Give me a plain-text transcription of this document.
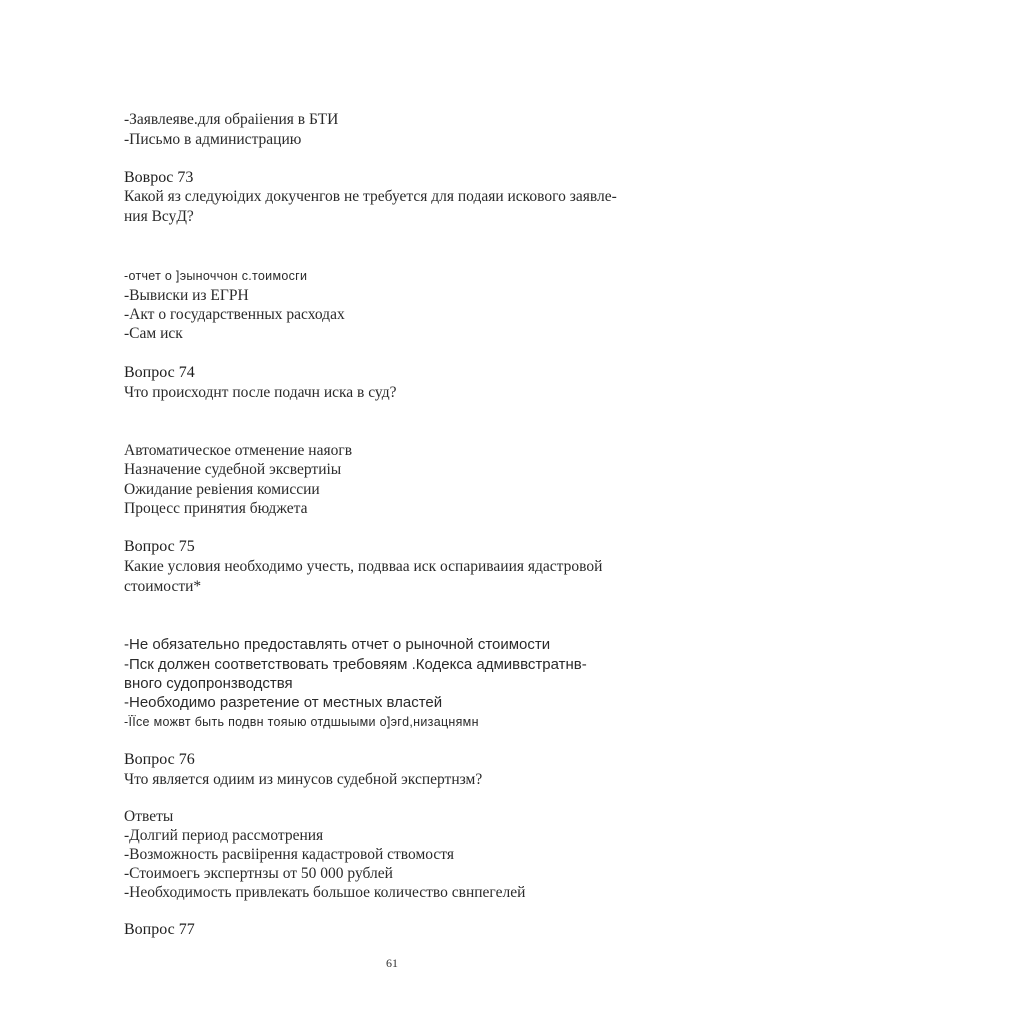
-Заявлеяве.для обраiiения в БТИ
-Письмо в администрацию
Вовpoc 73
Какой яз следуюiдих докученгов не требуется для подаяи искового заявле-
ния ВсуД?
-отчет о ]эыноччон с.тоимосги
-Вывиски из ЕГРН
-Акт о государственных расходах
-Сам иск
Вопрос 74
Что происходнт после подачн иска в суд?
Автоматическое отменение наяогв
Назначение судебной эксвертиiы
Ожидание ревiения комиссии
Процесс принятия бюджета
Вопрос 75
Какие условия необходимо учесть, подвваа иск оспариваиия ядастровой
стоимости*
-Не обязательно предоставлять отчет о рыночной стоимости
-Пск должен соответствовать требовяям .Кодекса адмиввстратнв-
вного судопронзводствя
-Необходимо разретение от местных властей
-ÏÏсе можвт быть подвн тояыю отдшыыми о]эгd,низацнямн
Вопрос 76
Что является одиим из минусов судебной экспертнзм?
Ответы
-Долгий период рассмотрения
-Возможность расвiiрення кадастровой ствомостя
-Стоимоегь экспертнзы от 50 000 рублей
-Необходимость привлекать большое количество свнпегелей
Вопрос 77
61
